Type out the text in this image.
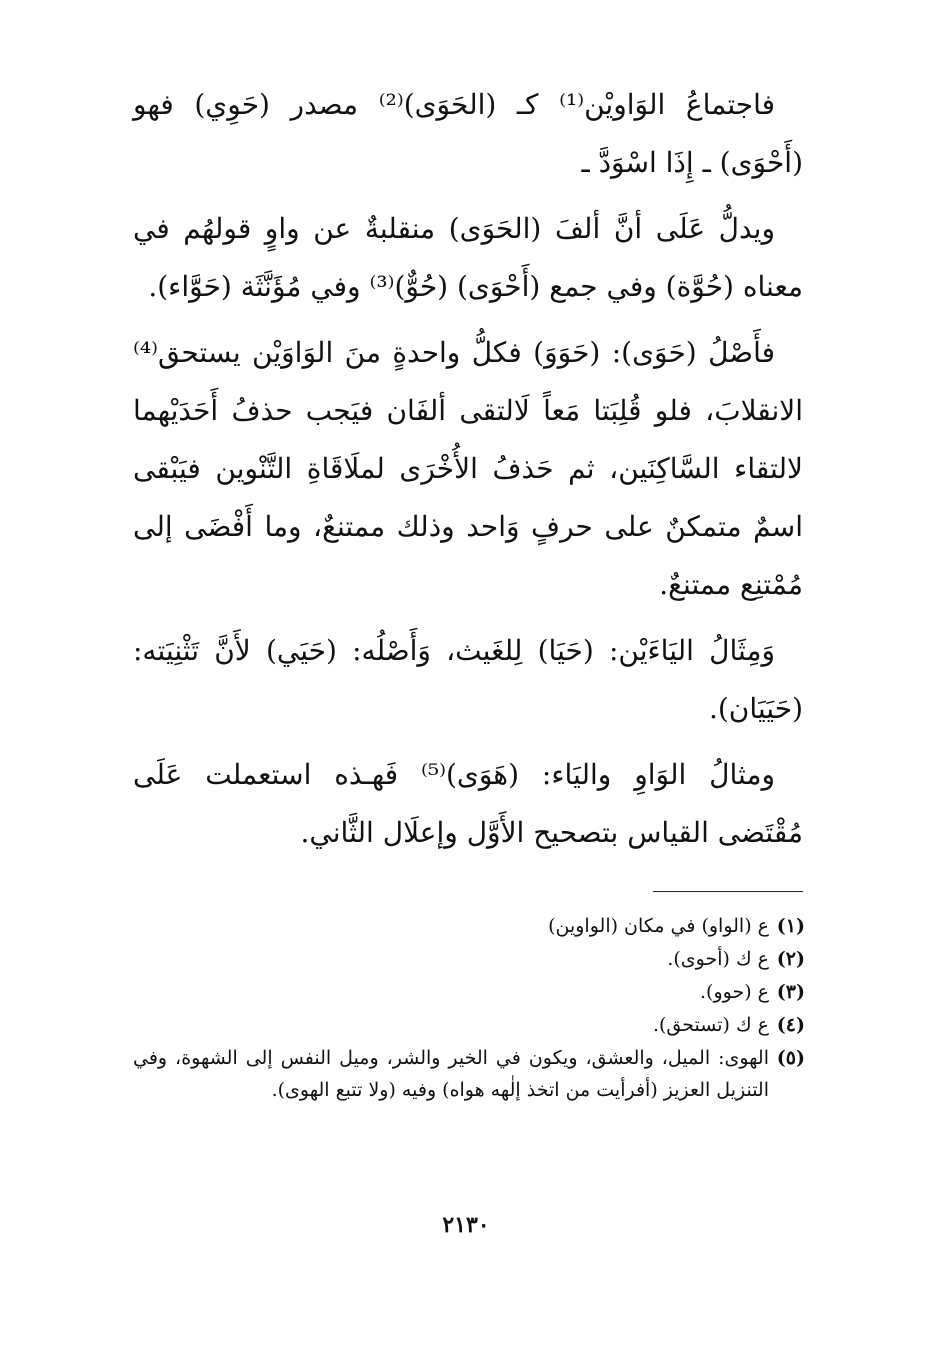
فاجتماعُ الوَاويْن⁽¹⁾ كـ (الحَوَى)⁽²⁾ مصدر (حَوِي) فهو (أَحْوَى) ـ إِذَا اسْوَدَّ ـ

ويدلُّ عَلَى أنَّ ألفَ (الحَوَى) منقلبةٌ عن واوٍ قولهُم في معناه (حُوَّة) وفي جمع (أَحْوَى) (حُوٌّ)⁽³⁾ وفي مُؤَنَّثَة (حَوَّاء).

فأَصْلُ (حَوَى): (حَوَوَ) فكلُّ واحدةٍ منَ الوَاوَيْن يستحق⁽⁴⁾ الانقلابَ، فلو قُلِبَتا مَعاً لَالتقى ألفَان فيَجب حذفُ أَحَدَيْهما لالتقاء السَّاكِنَين، ثم حَذفُ الأُخْرَى لملَاقَاةِ التَّنْوين فيَبْقى اسمٌ متمكنٌ على حرفٍ وَاحد وذلك ممتنعٌ، وما أَفْضَى إلى مُمْتنِع ممتنعٌ.

وَمِثَالُ اليَاءَيْن: (حَيَا) لِلغَيث، وَأَصْلُه: (حَيَي) لأَنَّ تَثْنِيَته: (حَيَيَان).

ومثالُ الوَاوِ واليَاء: (هَوَى)⁽⁵⁾ فَهـذه استعملت عَلَى مُقْتَضى القياس بتصحيح الأَوَّل وإعلَال الثَّاني.

(١)
ع (الواو) في مكان (الواوين)
(٢)
ع ك (أحوى).
(٣)
ع (حوو).
(٤)
ع ك (تستحق).
(٥)
الهوى: الميل، والعشق، ويكون في الخير والشر، وميل النفس إلى الشهوة، وفي التنزيل العزيز (أفرأيت من اتخذ إلٰهه هواه) وفيه (ولا تتبع الهوى).
٢١٣٠
